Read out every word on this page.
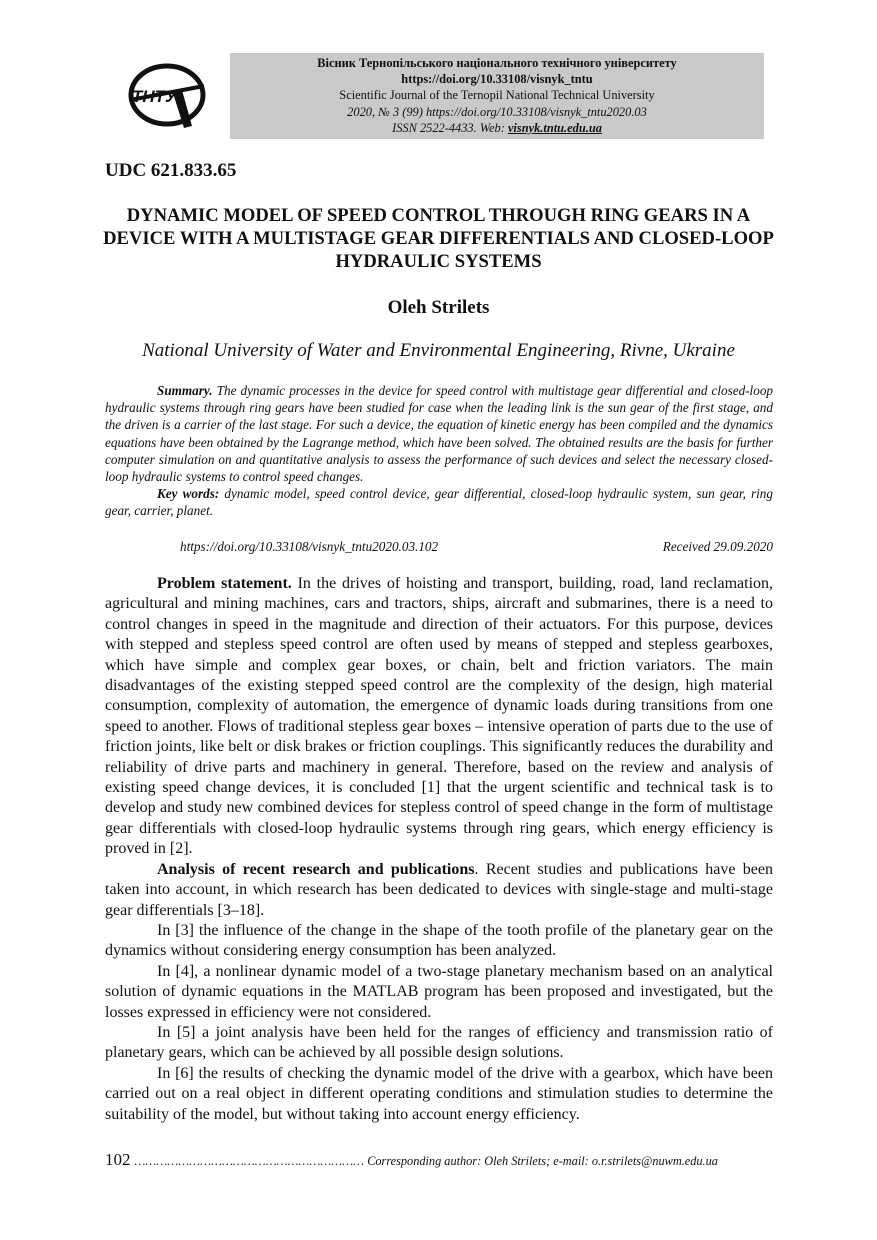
ТНТУ
Вісник Тернопільського національного технічного університету
https://doi.org/10.33108/visnyk_tntu
Scientific Journal of the Ternopil National Technical University
2020, № 3 (99) https://doi.org/10.33108/visnyk_tntu2020.03
ISSN 2522-4433. Web: visnyk.tntu.edu.ua
UDC 621.833.65
DYNAMIC MODEL OF SPEED CONTROL THROUGH RING GEARS IN A DEVICE WITH A MULTISTAGE GEAR DIFFERENTIALS AND CLOSED-LOOP HYDRAULIC SYSTEMS
Oleh Strilets
National University of Water and Environmental Engineering, Rivne, Ukraine

Summary. The dynamic processes in the device for speed control with multistage gear differential and closed-loop hydraulic systems through ring gears have been studied for case when the leading link is the sun gear of the first stage, and the driven is a carrier of the last stage. For such a device, the equation of kinetic energy has been compiled and the dynamics equations have been obtained by the Lagrange method, which have been solved. The obtained results are the basis for further computer simulation on and quantitative analysis to assess the performance of such devices and select the necessary closed-loop hydraulic systems to control speed changes.

Key words: dynamic model, speed control device, gear differential, closed-loop hydraulic system, sun gear, ring gear, carrier, planet.

https://doi.org/10.33108/visnyk_tntu2020.03.102	Received 29.09.2020

Problem statement. In the drives of hoisting and transport, building, road, land reclamation, agricultural and mining machines, cars and tractors, ships, aircraft and submarines, there is a need to control changes in speed in the magnitude and direction of their actuators. For this purpose, devices with stepped and stepless speed control are often used by means of stepped and stepless gearboxes, which have simple and complex gear boxes, or chain, belt and friction variators. The main disadvantages of the existing stepped speed control are the complexity of the design, high material consumption, complexity of automation, the emergence of dynamic loads during transitions from one speed to another. Flows of traditional stepless gear boxes – intensive operation of parts due to the use of friction joints, like belt or disk brakes or friction couplings. This significantly reduces the durability and reliability of drive parts and machinery in general. Therefore, based on the review and analysis of existing speed change devices, it is concluded [1] that the urgent scientific and technical task is to develop and study new combined devices for stepless control of speed change in the form of multistage gear differentials with closed-loop hydraulic systems through ring gears, which energy efficiency is proved in [2].

Analysis of recent research and publications. Recent studies and publications have been taken into account, in which research has been dedicated to devices with single-stage and multi-stage gear differentials [3–18].

In [3] the influence of the change in the shape of the tooth profile of the planetary gear on the dynamics without considering energy consumption has been analyzed.

In [4], a nonlinear dynamic model of a two-stage planetary mechanism based on an analytical solution of dynamic equations in the MATLAB program has been proposed and investigated, but the losses expressed in efficiency were not considered.

In [5] a joint analysis have been held for the ranges of efficiency and transmission ratio of planetary gears, which can be achieved by all possible design solutions.

In [6] the results of checking the dynamic model of the drive with a gearbox, which have been carried out on a real object in different operating conditions and stimulation studies to determine the suitability of the model, but without taking into account energy efficiency.

102 ……………………………………………………… Corresponding author: Oleh Strilets; e-mail: o.r.strilets@nuwm.edu.ua
